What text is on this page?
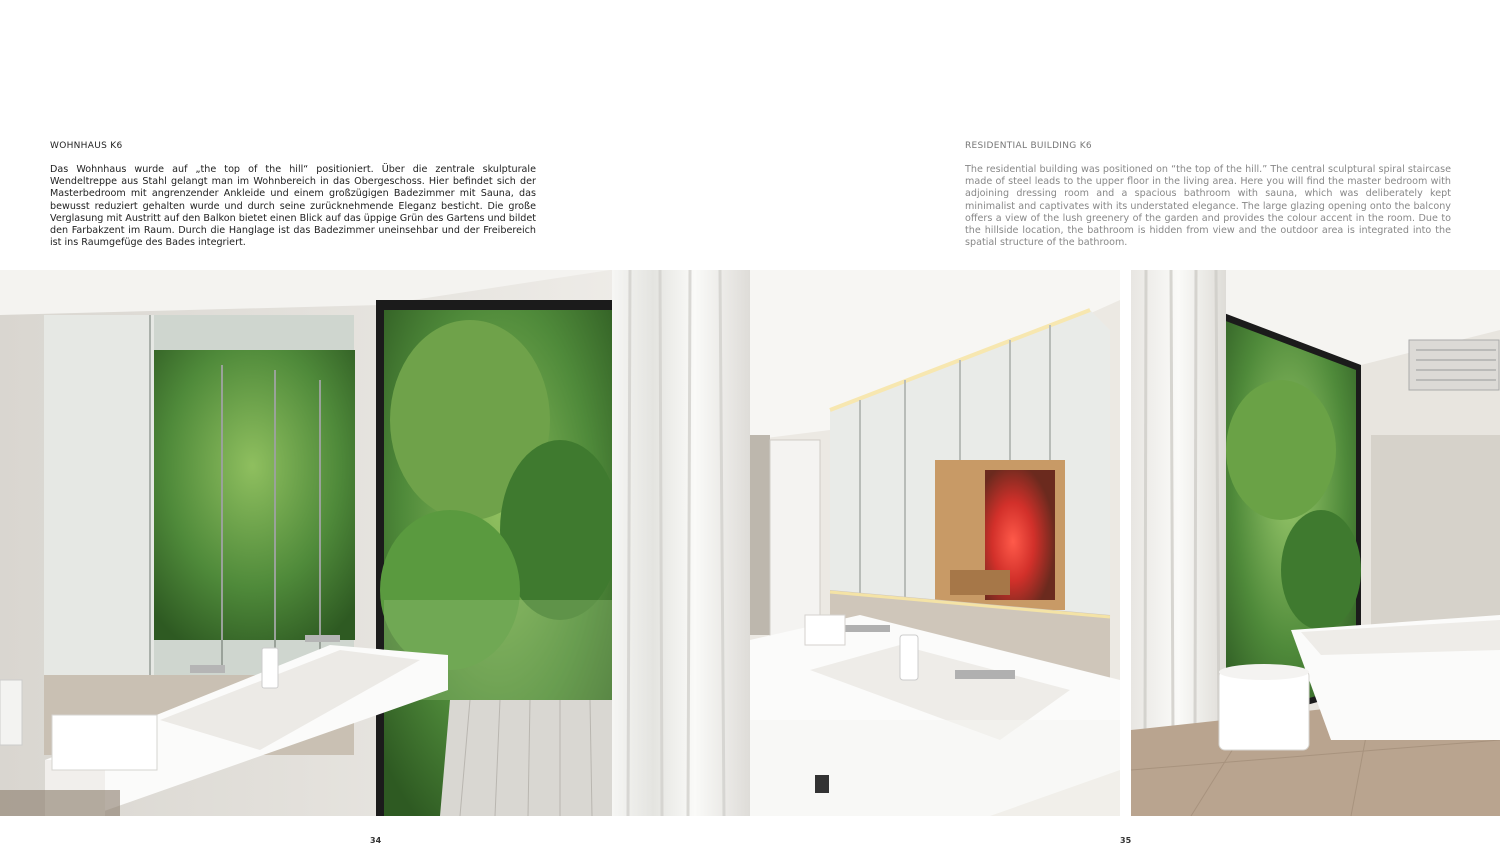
WOHNHAUS K6

Das Wohnhaus wurde auf „the top of the hill“ positioniert. Über die zentrale skulpturale Wendeltreppe aus Stahl gelangt man im Wohnbereich in das Obergeschoss. Hier befindet sich der Masterbedroom mit angrenzender Ankleide und einem großzügigen Badezimmer mit Sauna, das bewusst reduziert gehalten wurde und durch seine zurücknehmende Eleganz besticht. Die große Verglasung mit Austritt auf den Balkon bietet einen Blick auf das üppige Grün des Gartens und bildet den Farbakzent im Raum. Durch die Hanglage ist das Badezimmer uneinsehbar und der Freibereich ist ins Raumgefüge des Bades integriert.

RESIDENTIAL BUILDING K6

The residential building was positioned on “the top of the hill.” The central sculptural spiral staircase made of steel leads to the upper floor in the living area. Here you will find the master bedroom with adjoining dressing room and a spacious bathroom with sauna, which was deliberately kept minimalist and captivates with its understated elegance. The large glazing opening onto the balcony offers a view of the lush greenery of the garden and provides the colour accent in the room. Due to the hillside location, the bathroom is hidden from view and the outdoor area is integrated into the spatial structure of the bathroom.

34	35
